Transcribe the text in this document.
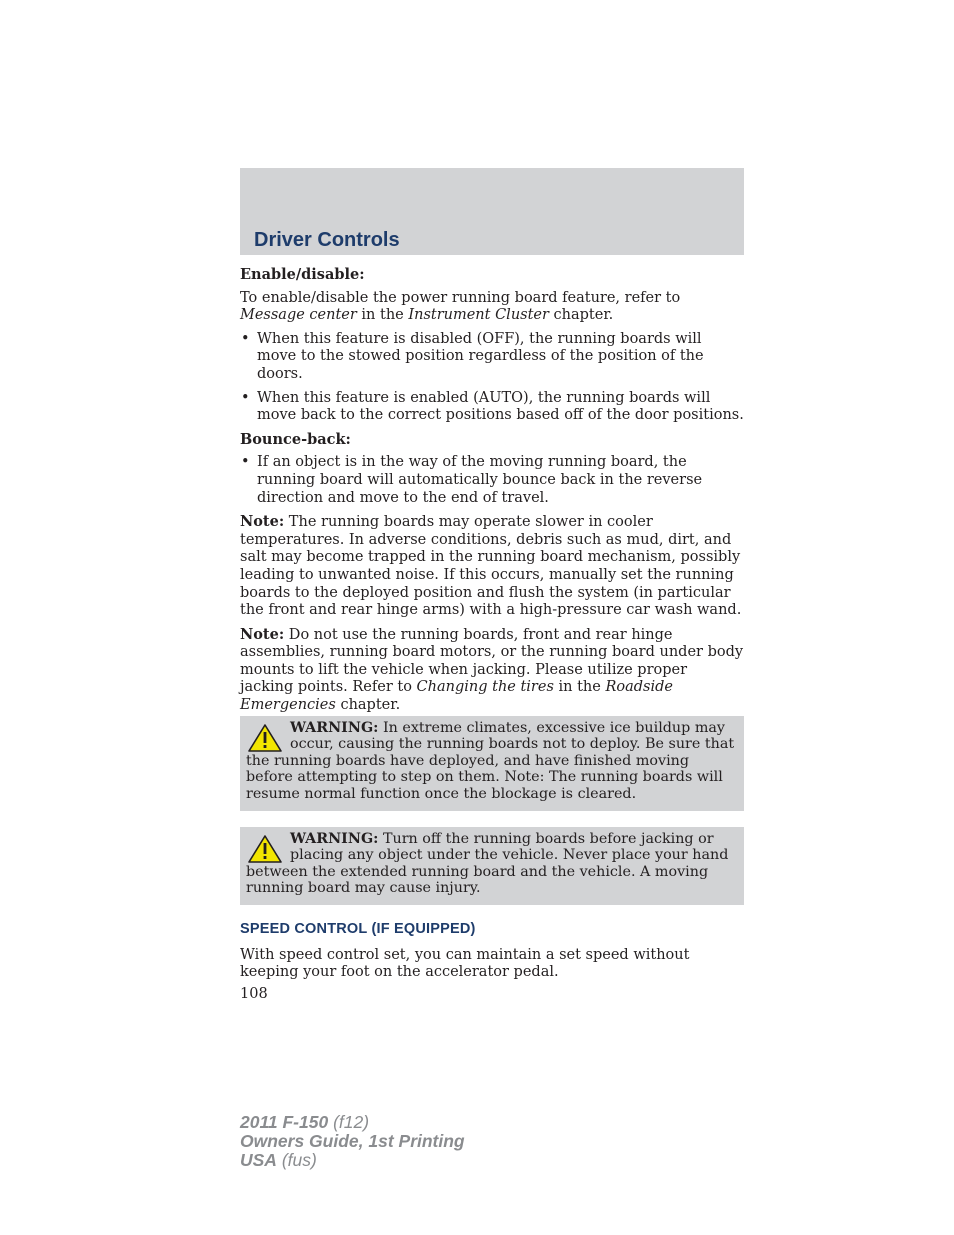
Driver Controls
Enable/disable:

To enable/disable the power running board feature, refer to Message center in the Instrument Cluster chapter.

• When this feature is disabled (OFF), the running boards will move to the stowed position regardless of the position of the doors.
• When this feature is enabled (AUTO), the running boards will move back to the correct positions based off of the door positions.
Bounce-back:
• If an object is in the way of the moving running board, the running board will automatically bounce back in the reverse direction and move to the end of travel.

Note: The running boards may operate slower in cooler temperatures. In adverse conditions, debris such as mud, dirt, and salt may become trapped in the running board mechanism, possibly leading to unwanted noise. If this occurs, manually set the running boards to the deployed position and flush the system (in particular the front and rear hinge arms) with a high-pressure car wash wand.

Note: Do not use the running boards, front and rear hinge assemblies, running board motors, or the running board under body mounts to lift the vehicle when jacking. Please utilize proper jacking points. Refer to Changing the tires in the Roadside Emergencies chapter.

WARNING: In extreme climates, excessive ice buildup may occur, causing the running boards not to deploy. Be sure that the running boards have deployed, and have finished moving before attempting to step on them. Note: The running boards will resume normal function once the blockage is cleared.
WARNING: Turn off the running boards before jacking or placing any object under the vehicle. Never place your hand between the extended running board and the vehicle. A moving running board may cause injury.
SPEED CONTROL (IF EQUIPPED)

With speed control set, you can maintain a set speed without keeping your foot on the accelerator pedal.

108
2011 F-150 (f12)
Owners Guide, 1st Printing
USA (fus)
